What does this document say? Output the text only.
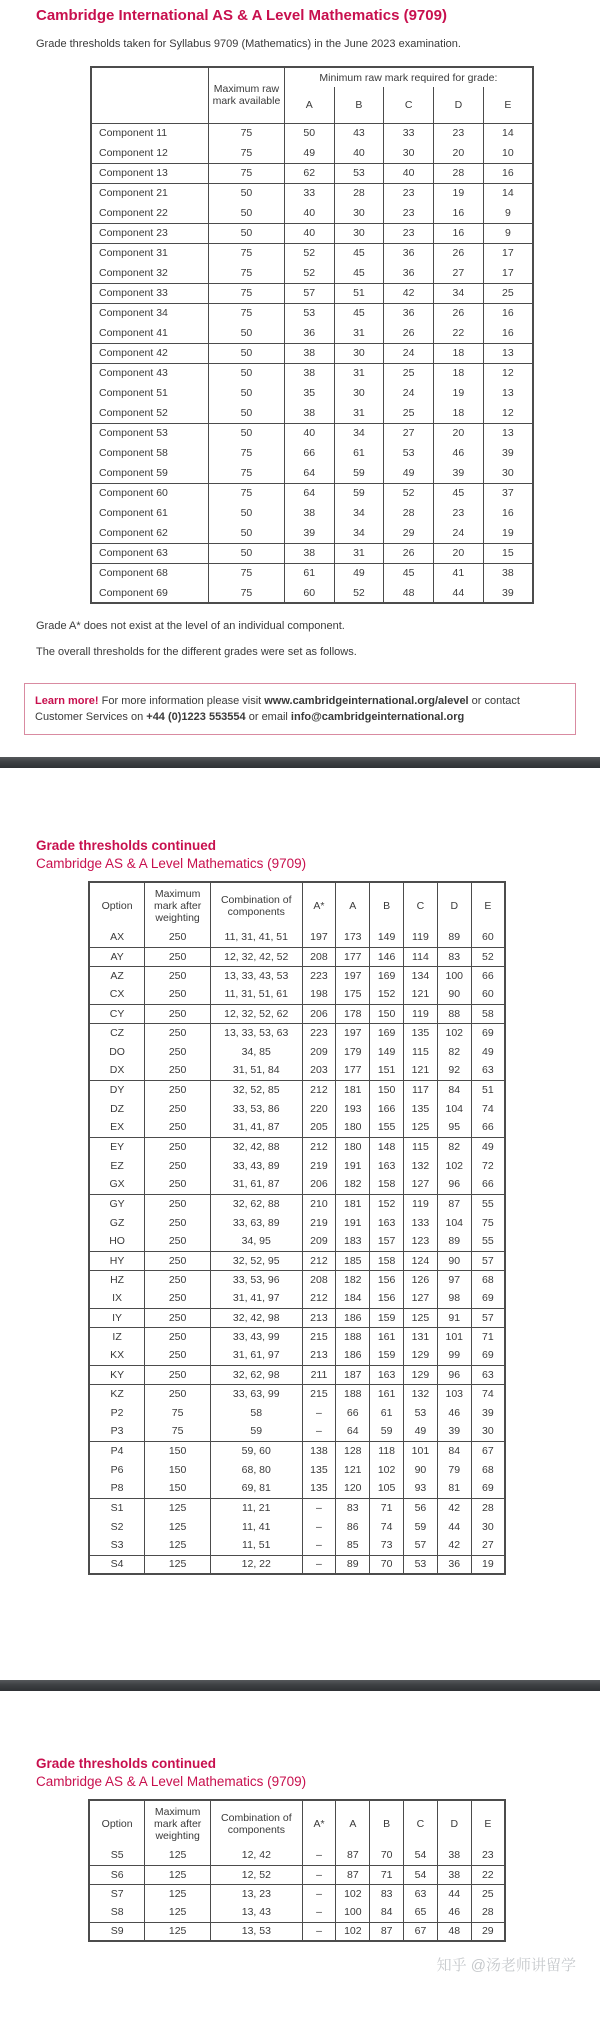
Cambridge International AS & A Level Mathematics (9709)

Grade thresholds taken for Syllabus 9709 (Mathematics) in the June 2023 examination.

	Maximum raw mark available	Minimum raw mark required for grade:				
		A	B	C	D	E
Component 11	75	50	43	33	23	14
Component 12	75	49	40	30	20	10
Component 13	75	62	53	40	28	16
Component 21	50	33	28	23	19	14
Component 22	50	40	30	23	16	9
Component 23	50	40	30	23	16	9
Component 31	75	52	45	36	26	17
Component 32	75	52	45	36	27	17
Component 33	75	57	51	42	34	25
Component 34	75	53	45	36	26	16
Component 41	50	36	31	26	22	16
Component 42	50	38	30	24	18	13
Component 43	50	38	31	25	18	12
Component 51	50	35	30	24	19	13
Component 52	50	38	31	25	18	12
Component 53	50	40	34	27	20	13
Component 58	75	66	61	53	46	39
Component 59	75	64	59	49	39	30
Component 60	75	64	59	52	45	37
Component 61	50	38	34	28	23	16
Component 62	50	39	34	29	24	19
Component 63	50	38	31	26	20	15
Component 68	75	61	49	45	41	38
Component 69	75	60	52	48	44	39

Grade A* does not exist at the level of an individual component.

The overall thresholds for the different grades were set as follows.

Learn more! For more information please visit www.cambridgeinternational.org/alevel or contact Customer Services on +44 (0)1223 553554 or email info@cambridgeinternational.org

Grade thresholds continued
Cambridge AS & A Level Mathematics (9709)
Option	Maximum mark after weighting	Combination of components	A*	A	B	C	D	E
AX	250	11, 31, 41, 51	197	173	149	119	89	60
AY	250	12, 32, 42, 52	208	177	146	114	83	52
AZ	250	13, 33, 43, 53	223	197	169	134	100	66
CX	250	11, 31, 51, 61	198	175	152	121	90	60
CY	250	12, 32, 52, 62	206	178	150	119	88	58
CZ	250	13, 33, 53, 63	223	197	169	135	102	69
DO	250	34, 85	209	179	149	115	82	49
DX	250	31, 51, 84	203	177	151	121	92	63
DY	250	32, 52, 85	212	181	150	117	84	51
DZ	250	33, 53, 86	220	193	166	135	104	74
EX	250	31, 41, 87	205	180	155	125	95	66
EY	250	32, 42, 88	212	180	148	115	82	49
EZ	250	33, 43, 89	219	191	163	132	102	72
GX	250	31, 61, 87	206	182	158	127	96	66
GY	250	32, 62, 88	210	181	152	119	87	55
GZ	250	33, 63, 89	219	191	163	133	104	75
HO	250	34, 95	209	183	157	123	89	55
HY	250	32, 52, 95	212	185	158	124	90	57
HZ	250	33, 53, 96	208	182	156	126	97	68
IX	250	31, 41, 97	212	184	156	127	98	69
IY	250	32, 42, 98	213	186	159	125	91	57
IZ	250	33, 43, 99	215	188	161	131	101	71
KX	250	31, 61, 97	213	186	159	129	99	69
KY	250	32, 62, 98	211	187	163	129	96	63
KZ	250	33, 63, 99	215	188	161	132	103	74
P2	75	58	–	66	61	53	46	39
P3	75	59	–	64	59	49	39	30
P4	150	59, 60	138	128	118	101	84	67
P6	150	68, 80	135	121	102	90	79	68
P8	150	69, 81	135	120	105	93	81	69
S1	125	11, 21	–	83	71	56	42	28
S2	125	11, 41	–	86	74	59	44	30
S3	125	11, 51	–	85	73	57	42	27
S4	125	12, 22	–	89	70	53	36	19
Grade thresholds continued
Cambridge AS & A Level Mathematics (9709)
Option	Maximum mark after weighting	Combination of components	A*	A	B	C	D	E
S5	125	12, 42	–	87	70	54	38	23
S6	125	12, 52	–	87	71	54	38	22
S7	125	13, 23	–	102	83	63	44	25
S8	125	13, 43	–	100	84	65	46	28
S9	125	13, 53	–	102	87	67	48	29
知乎 @汤老师讲留学
